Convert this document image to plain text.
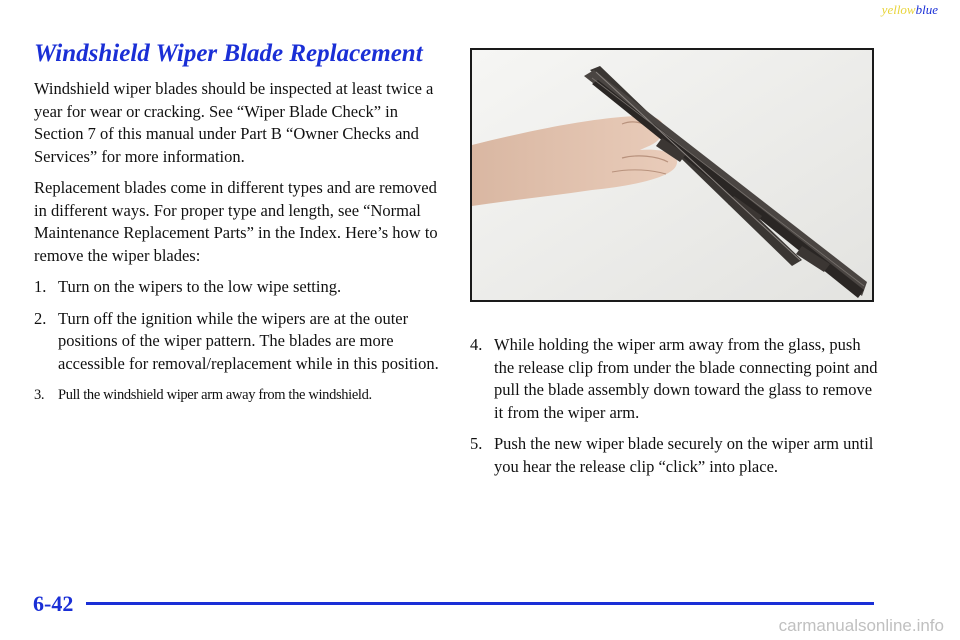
yellowblue
Windshield Wiper Blade Replacement

Windshield wiper blades should be inspected at least twice a year for wear or cracking. See “Wiper Blade Check” in Section 7 of this manual under Part B “Owner Checks and Services” for more information.

Replacement blades come in different types and are removed in different ways. For proper type and length, see “Normal Maintenance Replacement Parts” in the Index. Here’s how to remove the wiper blades:

1. Turn on the wipers to the low wipe setting.
2. Turn off the ignition while the wipers are at the outer positions of the wiper pattern. The blades are more accessible for removal/replacement while in this position.
3. Pull the windshield wiper arm away from the windshield.
4. While holding the wiper arm away from the glass, push the release clip from under the blade connecting point and pull the blade assembly down toward the glass to remove it from the wiper arm.
5. Push the new wiper blade securely on the wiper arm until you hear the release clip “click” into place.
6-42
carmanualsonline.info
